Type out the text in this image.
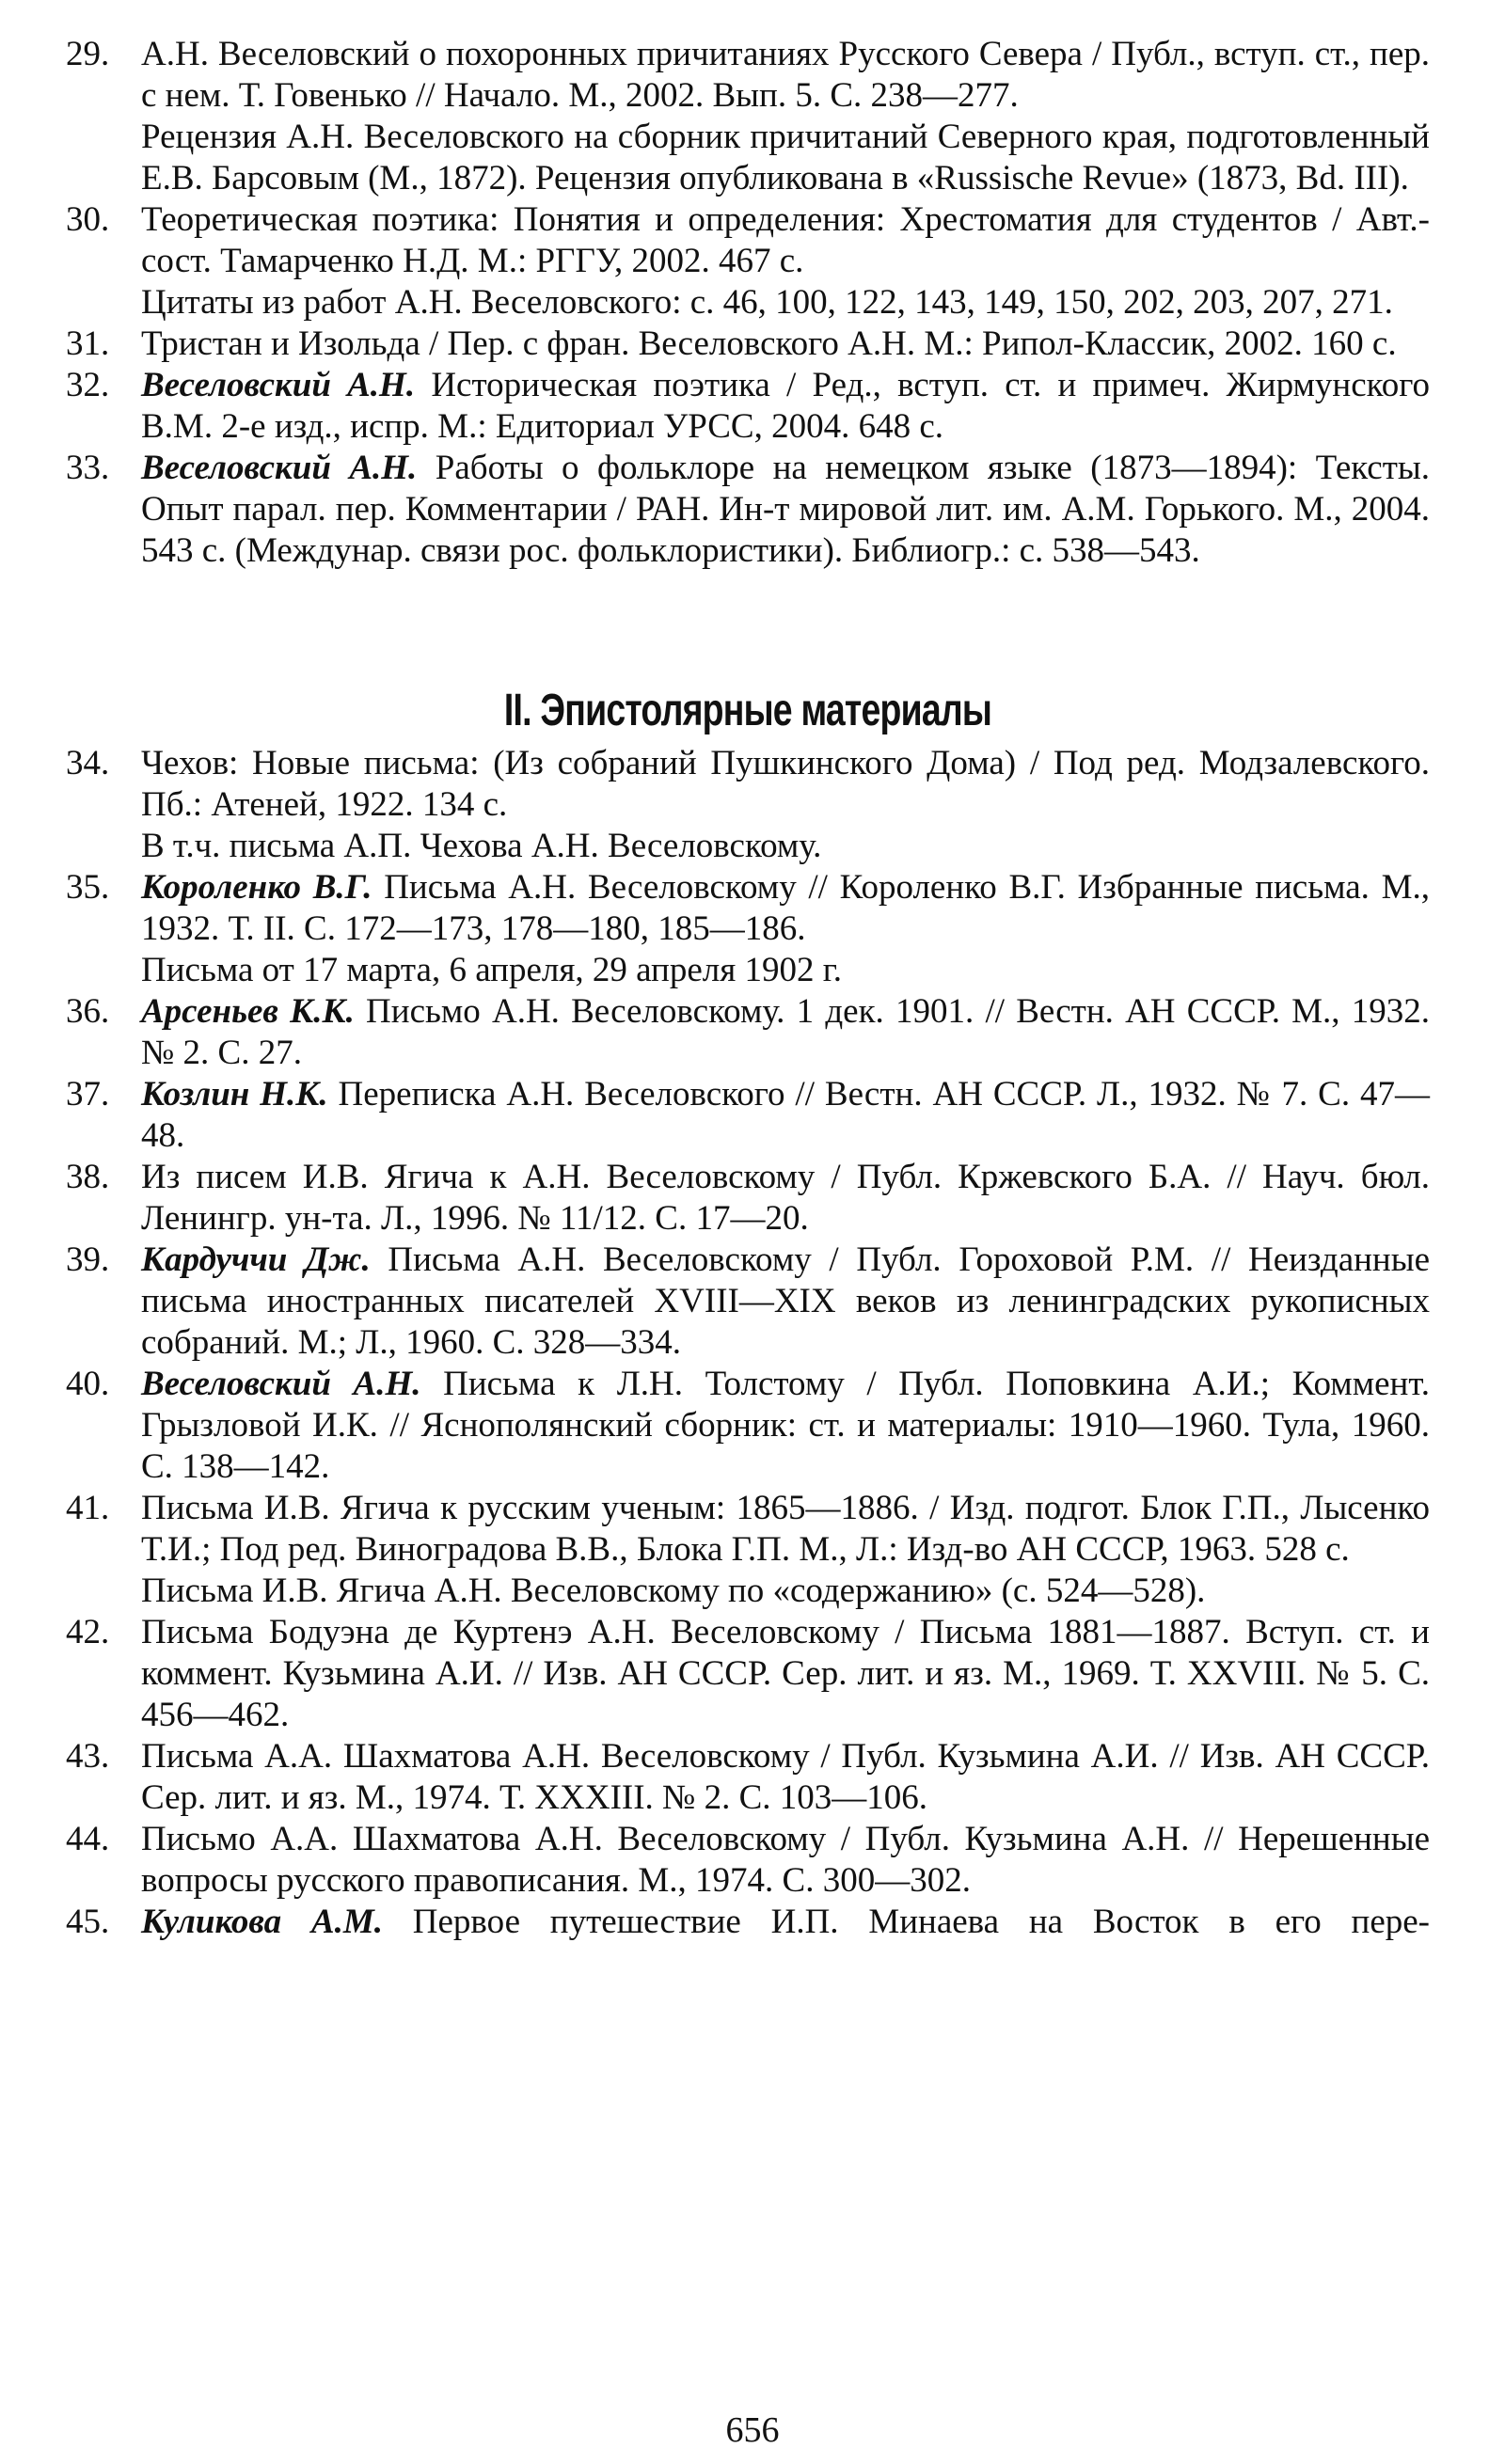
29. А.Н. Веселовский о похоронных причитаниях Русского Севера / Публ., вступ. ст., пер. с нем. Т. Говенько // Начало. М., 2002. Вып. 5. С. 238—277.

Рецензия А.Н. Веселовского на сборник причитаний Северного края, подготовленный Е.В. Барсовым (М., 1872). Рецензия опубликована в «Russische Revue» (1873, Bd. III).

30. Теоретическая поэтика: Понятия и определения: Хрестоматия для студентов / Авт.-сост. Тамарченко Н.Д. М.: РГГУ, 2002. 467 с.

Цитаты из работ А.Н. Веселовского: с. 46, 100, 122, 143, 149, 150, 202, 203, 207, 271.

31. Тристан и Изольда / Пер. с фран. Веселовского А.Н. М.: Рипол-Классик, 2002. 160 с.

32. Веселовский А.Н. Историческая поэтика / Ред., вступ. ст. и примеч. Жирмунского В.М. 2-е изд., испр. М.: Едиториал УРСС, 2004. 648 с.

33. Веселовский А.Н. Работы о фольклоре на немецком языке (1873—1894): Тексты. Опыт парал. пер. Комментарии / РАН. Ин-т мировой лит. им. А.М. Горького. М., 2004. 543 с. (Междунар. связи рос. фольклористики). Библиогр.: с. 538—543.

II. Эпистолярные материалы
34. Чехов: Новые письма: (Из собраний Пушкинского Дома) / Под ред. Модзалевского. Пб.: Атеней, 1922. 134 с.

В т.ч. письма А.П. Чехова А.Н. Веселовскому.

35. Короленко В.Г. Письма А.Н. Веселовскому // Короленко В.Г. Избранные письма. М., 1932. Т. II. С. 172—173, 178—180, 185—186.

Письма от 17 марта, 6 апреля, 29 апреля 1902 г.

36. Арсеньев К.К. Письмо А.Н. Веселовскому. 1 дек. 1901. // Вестн. АН СССР. М., 1932. № 2. С. 27.

37. Козлин Н.К. Переписка А.Н. Веселовского // Вестн. АН СССР. Л., 1932. № 7. С. 47—48.

38. Из писем И.В. Ягича к А.Н. Веселовскому / Публ. Кржевского Б.А. // Науч. бюл. Ленингр. ун-та. Л., 1996. № 11/12. С. 17—20.

39. Кардуччи Дж. Письма А.Н. Веселовскому / Публ. Гороховой Р.М. // Неизданные письма иностранных писателей XVIII—XIX веков из ленинградских рукописных собраний. М.; Л., 1960. С. 328—334.

40. Веселовский А.Н. Письма к Л.Н. Толстому / Публ. Поповкина А.И.; Коммент. Грызловой И.К. // Яснополянский сборник: ст. и материалы: 1910—1960. Тула, 1960. С. 138—142.

41. Письма И.В. Ягича к русским ученым: 1865—1886. / Изд. подгот. Блок Г.П., Лысенко Т.И.; Под ред. Виноградова В.В., Блока Г.П. М., Л.: Изд-во АН СССР, 1963. 528 с.

Письма И.В. Ягича А.Н. Веселовскому по «содержанию» (с. 524—528).

42. Письма Бодуэна де Куртенэ А.Н. Веселовскому / Письма 1881—1887. Вступ. ст. и коммент. Кузьмина А.И. // Изв. АН СССР. Сер. лит. и яз. М., 1969. Т. XXVIII. № 5. С. 456—462.

43. Письма А.А. Шахматова А.Н. Веселовскому / Публ. Кузьмина А.И. // Изв. АН СССР. Сер. лит. и яз. М., 1974. Т. XXXIII. № 2. С. 103—106.

44. Письмо А.А. Шахматова А.Н. Веселовскому / Публ. Кузьмина А.Н. // Нерешенные вопросы русского правописания. М., 1974. С. 300—302.

45. Куликова А.М. Первое путешествие И.П. Минаева на Восток в его пере-

656
